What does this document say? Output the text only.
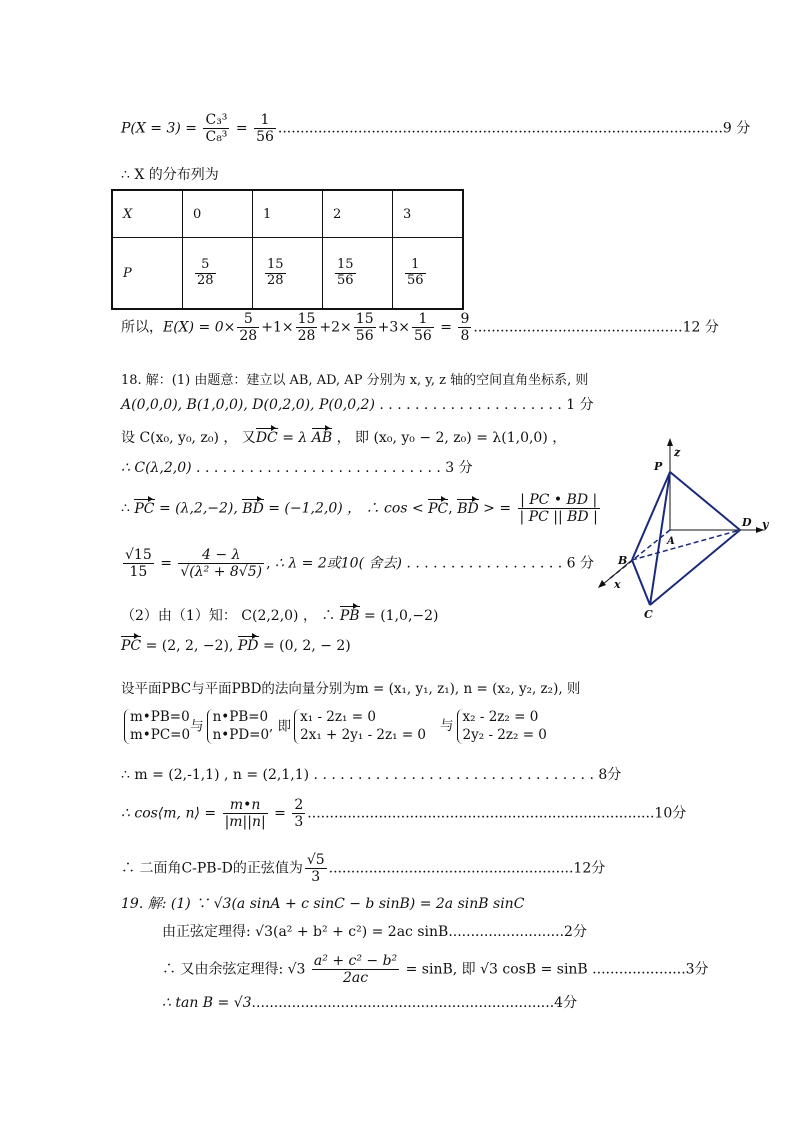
$P(X = 3) = \frac{\text{C₃³}}{\text{C₈³}} = \frac{1}{56} ....................................................................................................9$ 分
∴ X 的分布列为
X	0	1	2	3
P	$\frac{5}{28}$	$\frac{15}{28}$	$\frac{15}{56}$	$\frac{1}{56}$
所以，$E(X) = 0\times \frac{5}{28} +1\times \frac{15}{28} +2\times \frac{15}{56} +3\times \frac{1}{56} = \frac{9}{8} ...............................................12$ 分
18. 解：(1) 由题意：建立以 AB, AD, AP 分别为 x, y, z 轴的空间直角坐标系, 则
A(0,0,0), B(1,0,0), D(0,2,0), P(0,0,2) . . . . . . . . . . . . . . . . . . . . . 1 分
设 C(x₀, y₀, z₀) ， 又DC = λ AB ， 即 (x₀, y₀ − 2, z₀) = λ(1,0,0) ，
∴ C(λ,2,0) . . . . . . . . . . . . . . . . . . . . . . . . . . . . 3 分
∴ PC = (λ,2,−2), BD = (−1,2,0) ， ∴ cos < PC, BD > = $\frac{| PC • BD |}{| PC || BD |}$
$\frac{√15}{15} = \frac{4 - \lambda}{\text{√(λ² + 8√5)}}$ , ∴ λ = 2或10( 舍去) . . . . . . . . . . . . . . . . . . 6 分
（2）由（1）知： C(2,2,0) ， ∴ PB = (1,0,−2)
PC = (2, 2, −2), PD = (0, 2, − 2)
设平面PBC与平面PBD的法向量分别为m = (x₁, y₁, z₁), n = (x₂, y₂, z₂), 则
m•PB=0
m•PC=0
与
n•PB=0
n•PD=0
, 即
x₁ - 2z₁ = 0
2x₁ + 2y₁ - 2z₁ = 0
与
x₂ - 2z₂ = 0
2y₂ - 2z₂ = 0
∴ m = (2,-1,1) , n = (2,1,1) . . . . . . . . . . . . . . . . . . . . . . . . . . . . . . . . 8分
∴ cos⟨m, n⟩ = $\frac{m•n}{|m||n|} = \frac{2}{3} ..............................................................................10$分
∴ 二面角C-PB-D的正弦值为 $\frac{√5}{3} .......................................................12$分
19. 解: (1) ∵ √3(a sinA + c sinC − b sinB) = 2a sinB sinC
由正弦定理得: √3(a² + b² + c²) = 2ac sinB..........................2分
∴ 又由余弦定理得: $√3 \frac{\text{a² + c² − b²}}{2ac} = \sin B$, 即 √3 cosB = sinB .....................3分
∴ tan B = √3....................................................................4分
P
z
A
D y
B
x
C
